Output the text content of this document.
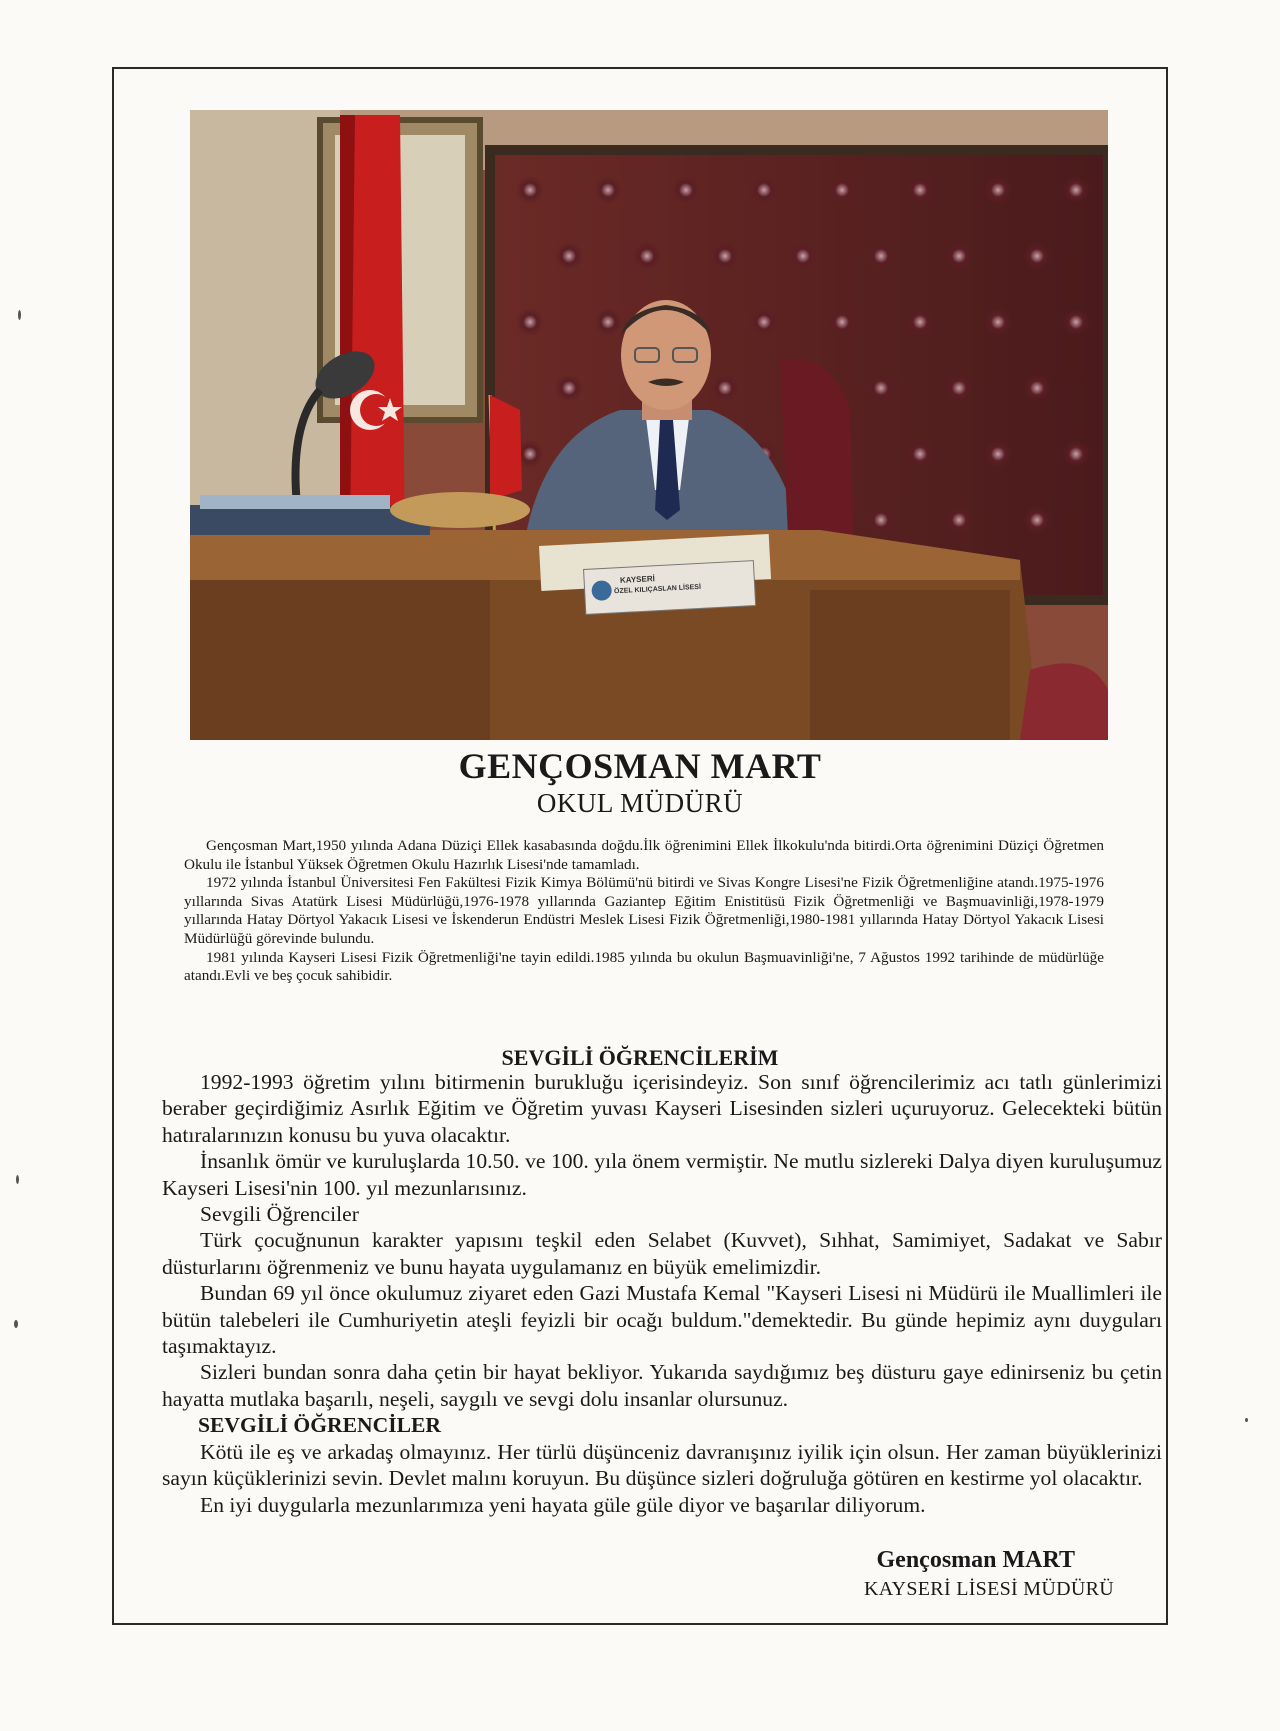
KAYSERİ
ÖZEL KILIÇASLAN LİSESİ
GENÇOSMAN MART
OKUL MÜDÜRÜ

Gençosman Mart,1950 yılında Adana Düziçi Ellek kasabasında doğdu.İlk öğrenimini Ellek İlkokulu'nda bitirdi.Orta öğrenimini Düziçi Öğretmen Okulu ile İstanbul Yüksek Öğretmen Okulu Hazırlık Lisesi'nde tamamladı.

1972 yılında İstanbul Üniversitesi Fen Fakültesi Fizik Kimya Bölümü'nü bitirdi ve Sivas Kongre Lisesi'ne Fizik Öğretmenliğine atandı.1975-1976 yıllarında Sivas Atatürk Lisesi Müdürlüğü,1976-1978 yıllarında Gaziantep Eğitim Enistitüsü Fizik Öğretmenliği ve Başmuavinliği,1978-1979 yıllarında Hatay Dörtyol Yakacık Lisesi ve İskenderun Endüstri Meslek Lisesi Fizik Öğretmenliği,1980-1981 yıllarında Hatay Dörtyol Yakacık Lisesi Müdürlüğü görevinde bulundu.

1981 yılında Kayseri Lisesi Fizik Öğretmenliği'ne tayin edildi.1985 yılında bu okulun Başmuavinliği'ne, 7 Ağustos 1992 tarihinde de müdürlüğe atandı.Evli ve beş çocuk sahibidir.

SEVGİLİ ÖĞRENCİLERİM

1992-1993 öğretim yılını bitirmenin burukluğu içerisindeyiz. Son sınıf öğrencilerimiz acı tatlı günlerimizi beraber geçirdiğimiz Asırlık Eğitim ve Öğretim yuvası Kayseri Lisesinden sizleri uçuruyoruz. Gelecekteki bütün hatıralarınızın konusu bu yuva olacaktır.

İnsanlık ömür ve kuruluşlarda 10.50. ve 100. yıla önem vermiştir. Ne mutlu sizlereki Dalya diyen kuruluşumuz Kayseri Lisesi'nin 100. yıl mezunlarısınız.

Sevgili Öğrenciler

Türk çocuğnunun karakter yapısını teşkil eden Selabet (Kuvvet), Sıhhat, Samimiyet, Sadakat ve Sabır düsturlarını öğrenmeniz ve bunu hayata uygulamanız en büyük emelimizdir.

Bundan 69 yıl önce okulumuz ziyaret eden Gazi Mustafa Kemal "Kayseri Lisesi ni Müdürü ile Muallimleri ile bütün talebeleri ile Cumhuriyetin ateşli feyizli bir ocağı buldum."demektedir. Bu günde hepimiz aynı duyguları taşımaktayız.

Sizleri bundan sonra daha çetin bir hayat bekliyor. Yukarıda saydığımız beş düsturu gaye edinirseniz bu çetin hayatta mutlaka başarılı, neşeli, saygılı ve sevgi dolu insanlar olursunuz.

SEVGİLİ ÖĞRENCİLER

Kötü ile eş ve arkadaş olmayınız. Her türlü düşünceniz davranışınız iyilik için olsun. Her zaman büyüklerinizi sayın küçüklerinizi sevin. Devlet malını koruyun. Bu düşünce sizleri doğruluğa götüren en kestirme yol olacaktır.

En iyi duygularla mezunlarımıza yeni hayata güle güle diyor ve başarılar diliyorum.

Gençosman MART
KAYSERİ LİSESİ MÜDÜRÜ
